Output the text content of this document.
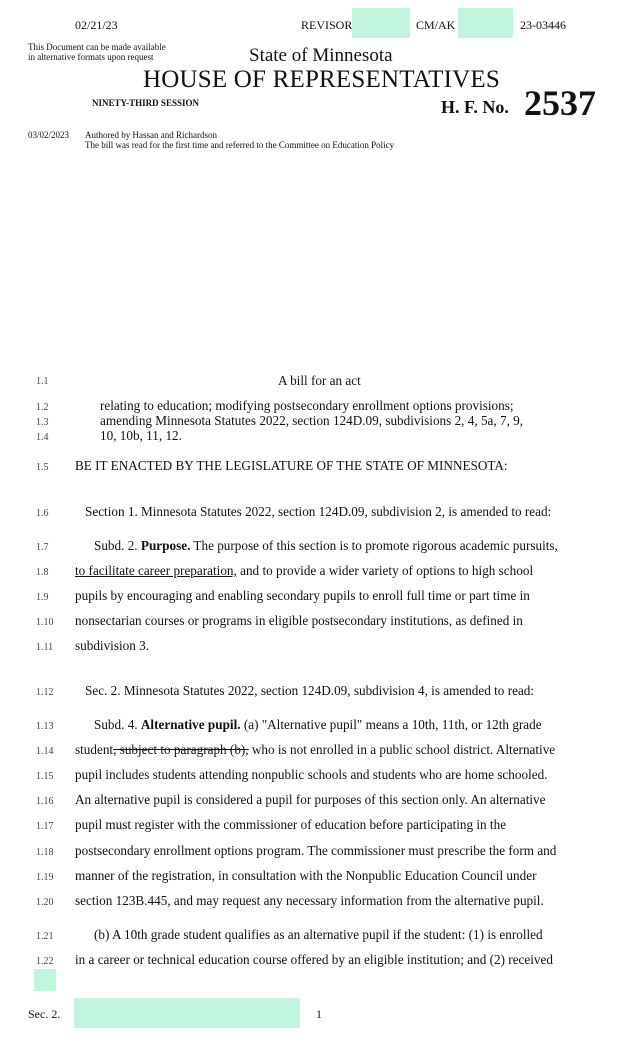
02/21/23	REVISOR	CM/AK	23-03446
This Document can be made available
in alternative formats upon request	State of Minnesota
HOUSE OF REPRESENTATIVES
NINETY-THIRD SESSION	H. F. No. 2537
03/02/2023 Authored by Hassan and Richardson
The bill was read for the first time and referred to the Committee on Education Policy
1.1
1.2
1.3
1.4
1.5
1.6
1.7
1.8
1.9
1.10
1.11
1.12
1.13
1.14
1.15
1.16
1.17
1.18
1.19
1.20
1.21
1.22
A bill for an act
relating to education; modifying postsecondary enrollment options provisions;
amending Minnesota Statutes 2022, section 124D.09, subdivisions 2, 4, 5a, 7, 9,
10, 10b, 11, 12.
BE IT ENACTED BY THE LEGISLATURE OF THE STATE OF MINNESOTA:
Section 1. Minnesota Statutes 2022, section 124D.09, subdivision 2, is amended to read:
Subd. 2. Purpose. The purpose of this section is to promote rigorous academic pursuits,
to facilitate career preparation, and to provide a wider variety of options to high school
pupils by encouraging and enabling secondary pupils to enroll full time or part time in
nonsectarian courses or programs in eligible postsecondary institutions, as defined in
subdivision 3.
Sec. 2. Minnesota Statutes 2022, section 124D.09, subdivision 4, is amended to read:
Subd. 4. Alternative pupil. (a) "Alternative pupil" means a 10th, 11th, or 12th grade
student, subject to paragraph (b), who is not enrolled in a public school district. Alternative
pupil includes students attending nonpublic schools and students who are home schooled.
An alternative pupil is considered a pupil for purposes of this section only. An alternative
pupil must register with the commissioner of education before participating in the
postsecondary enrollment options program. The commissioner must prescribe the form and
manner of the registration, in consultation with the Nonpublic Education Council under
section 123B.445, and may request any necessary information from the alternative pupil.
(b) A 10th grade student qualifies as an alternative pupil if the student: (1) is enrolled
in a career or technical education course offered by an eligible institution; and (2) received
Sec. 2.	1
